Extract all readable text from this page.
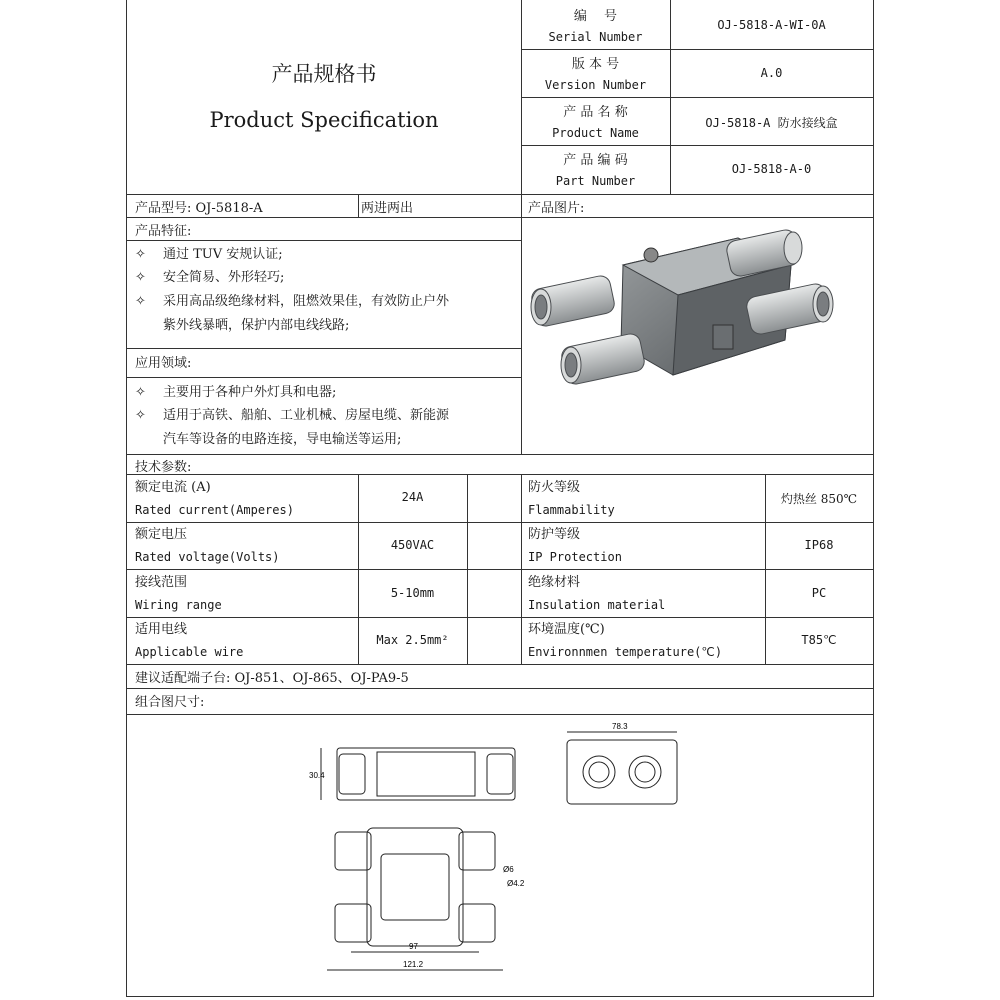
产品规格书
Product Specification
编　 号
Serial Number
OJ-5818-A-WI-0A
版 本 号
Version Number
A.0
产 品 名 称
Product Name
OJ-5818-A 防水接线盒
产 品 编 码
Part Number
OJ-5818-A-0
产品型号: OJ-5818-A	两进两出	产品图片:
产品特征:
✧ 通过 TUV 安规认证;
✧ 安全简易、外形轻巧;
✧ 采用高品级绝缘材料，阻燃效果佳，有效防止户外
紫外线暴晒，保护内部电线线路;
应用领域:
✧ 主要用于各种户外灯具和电器;
✧ 适用于高铁、船舶、工业机械、房屋电缆、新能源
汽车等设备的电路连接，导电输送等运用;
技术参数:
额定电流 (A)
Rated current(Amperes)
24A
防火等级
Flammability
灼热丝 850℃
额定电压
Rated voltage(Volts)
450VAC
防护等级
IP Protection
IP68
接线范围
Wiring range
5-10mm
绝缘材料
Insulation material
PC
适用电线
Applicable wire
Max 2.5mm²
环境温度(℃)
Environnmen temperature(℃)
T85℃
建议适配端子台: OJ-851、OJ-865、OJ-PA9-5
组合图尺寸:
30.4
78.3
97
121.2
Ø6
Ø4.2
